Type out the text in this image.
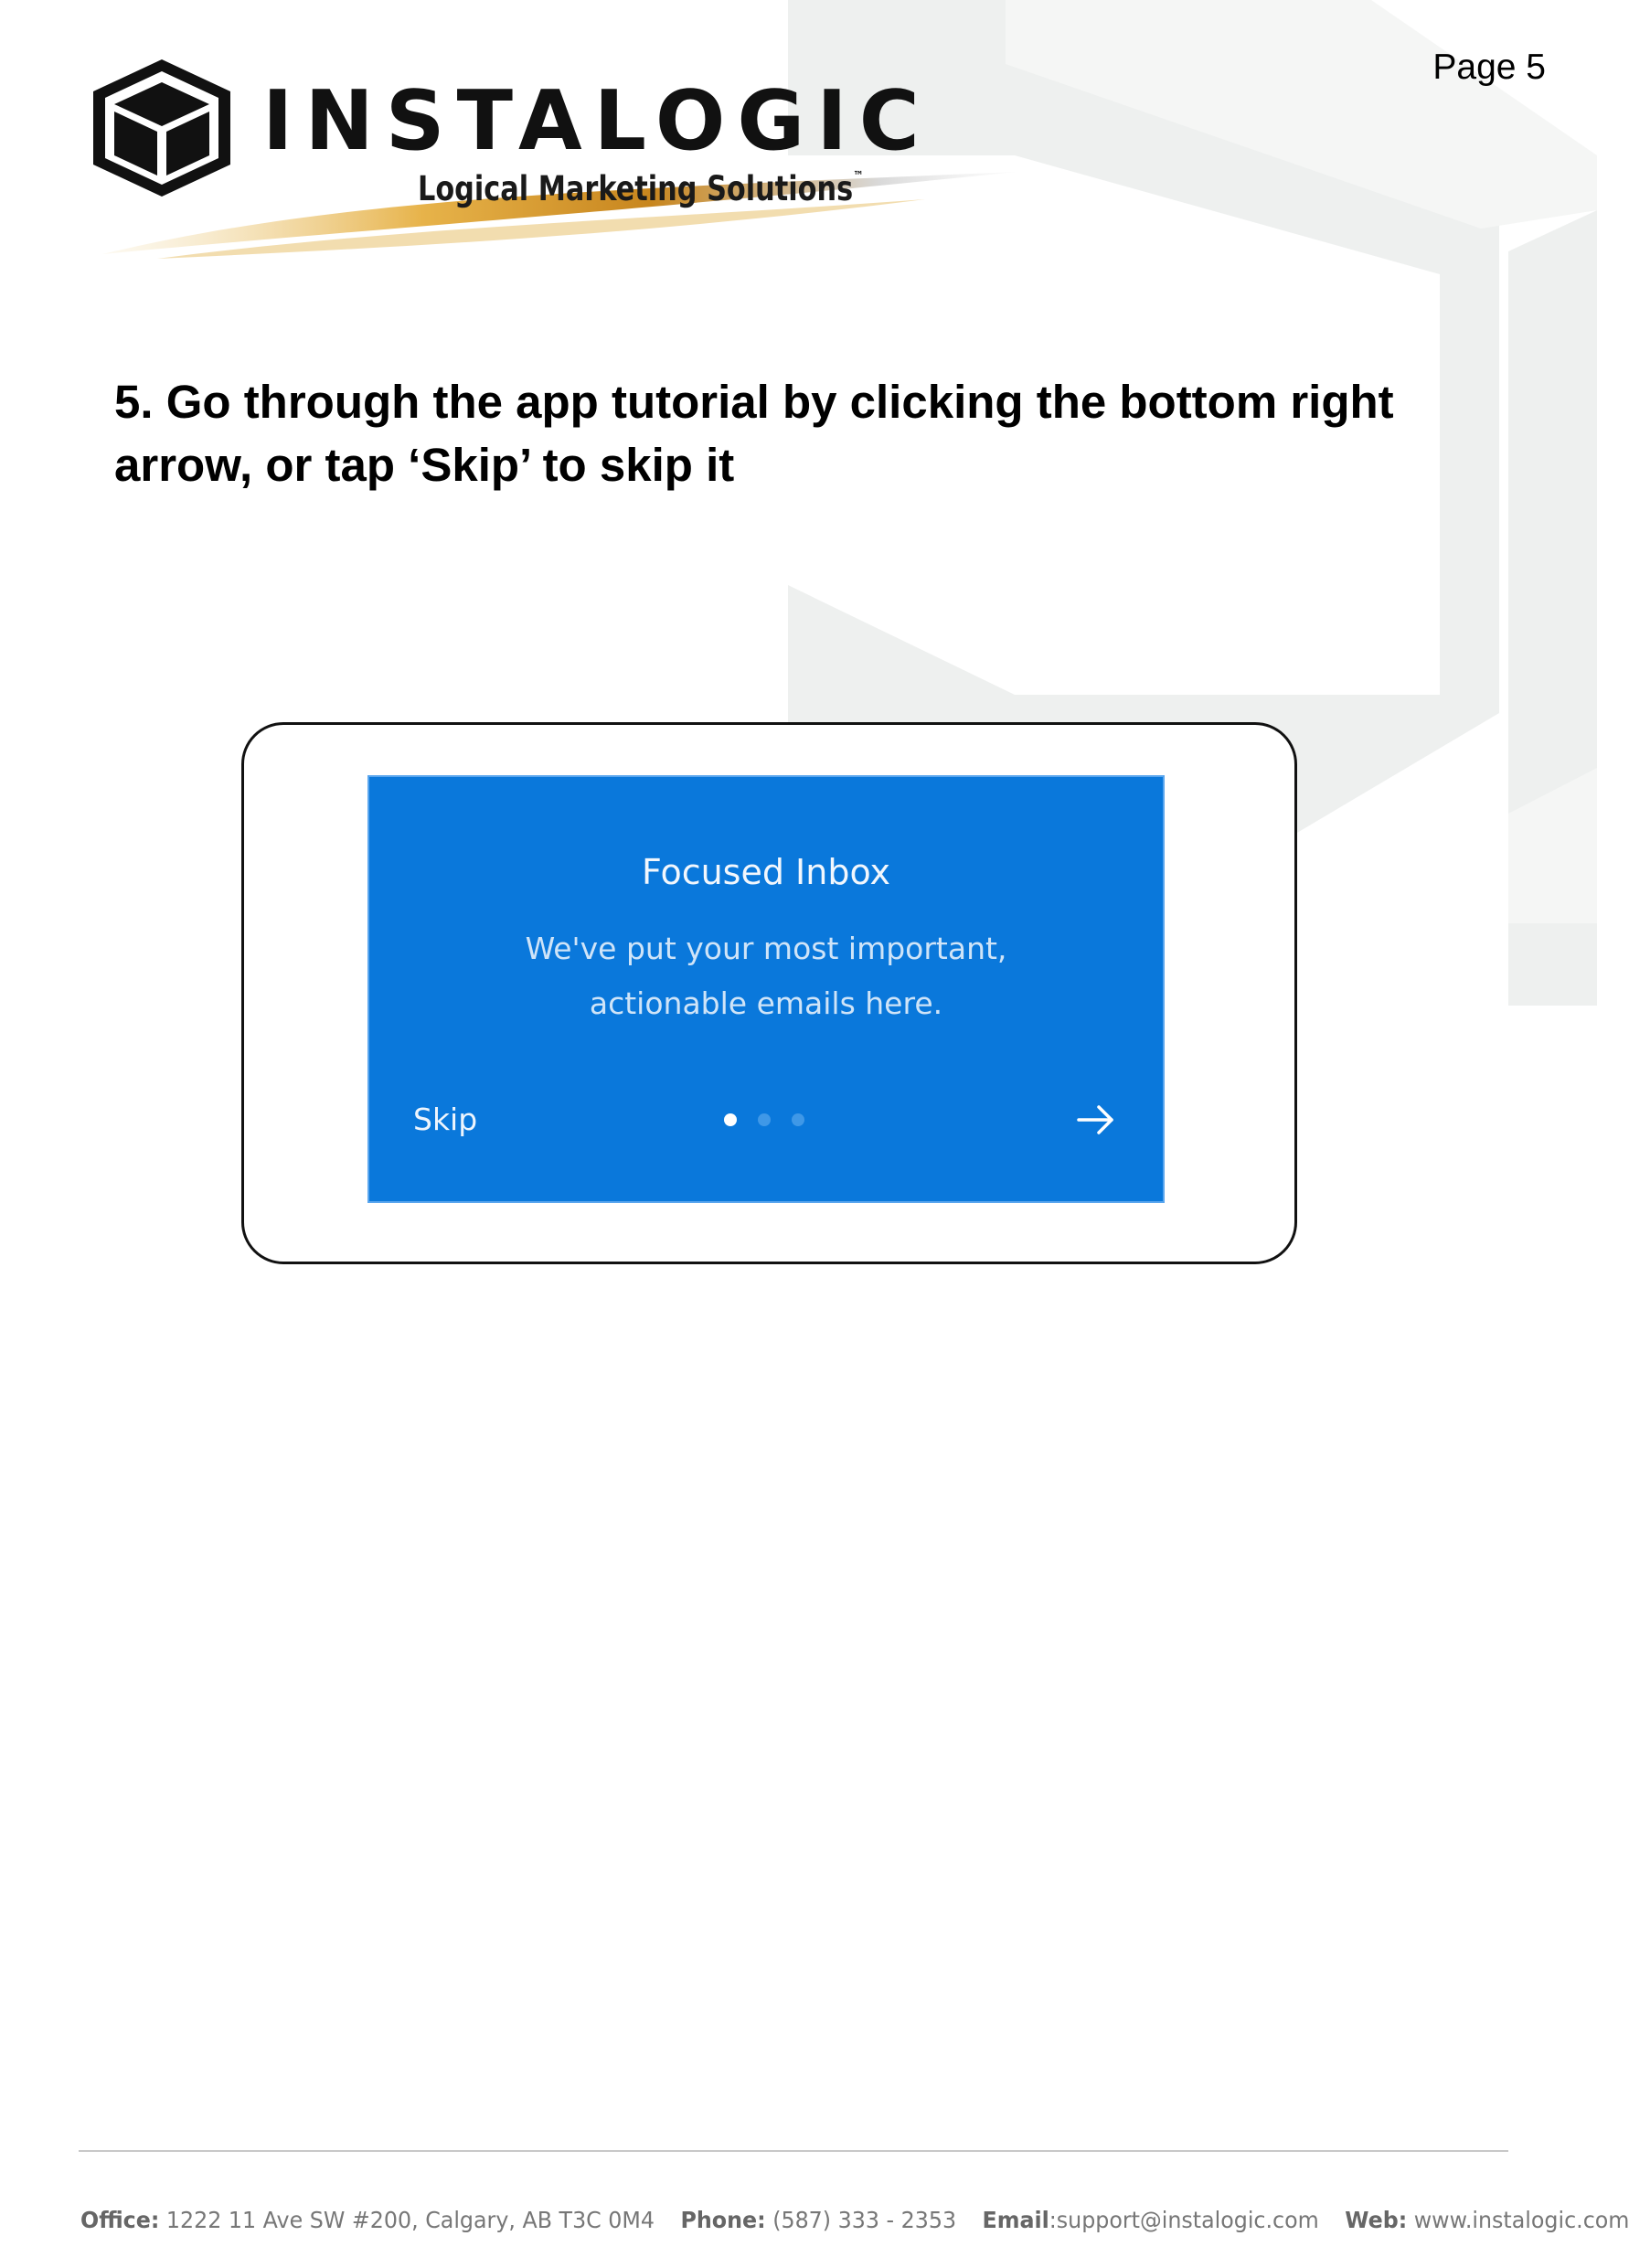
Page 5
INSTALOGIC
Logical Marketing Solutions™

5. Go through the app tutorial by clicking the bottom right arrow, or tap ‘Skip’ to skip it

Focused Inbox
We've put your most important,
actionable emails here.
Skip
Office: 1222 11 Ave SW #200, Calgary, AB T3C 0M4 Phone: (587) 333 - 2353 Email:support@instalogic.com Web: www.instalogic.com
